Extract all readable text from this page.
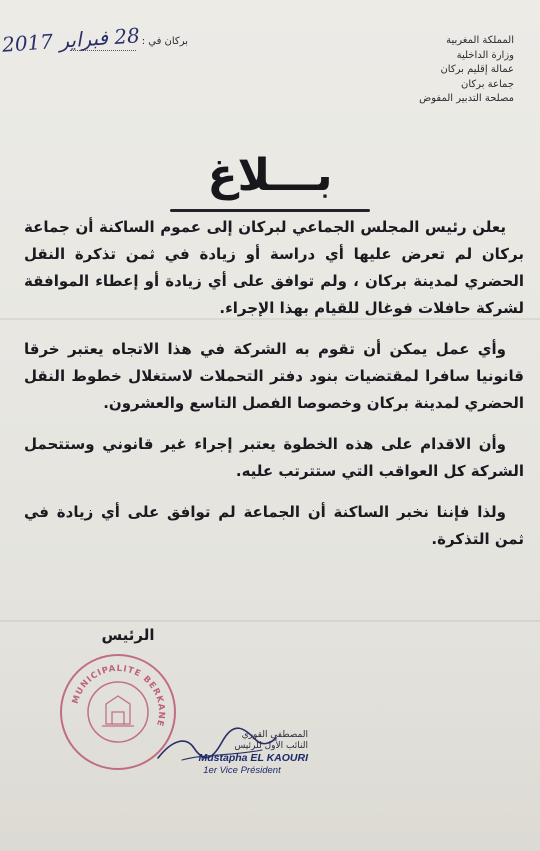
المملكة المغربية
وزارة الداخلية
عمالة إقليم بركان
جماعة بركان
مصلحة التدبير المفوض
بركان في :
28 فبراير 2017
بـــلاغ

يعلن رئيس المجلس الجماعي لبركان إلى عموم الساكنة أن جماعة بركان لم تعرض عليها أي دراسة أو زيادة في ثمن تذكرة النقل الحضري لمدينة بركان ، ولم توافق على أي زيادة أو إعطاء الموافقة لشركة حافلات فوغال للقيام بهذا الإجراء.

وأي عمل يمكن أن تقوم به الشركة في هذا الاتجاه يعتبر خرقا قانونيا سافرا لمقتضيات بنود دفتر التحملات لاستغلال خطوط النقل الحضري لمدينة بركان وخصوصا الفصل التاسع والعشرون.

وأن الاقدام على هذه الخطوة يعتبر إجراء غير قانوني وستتحمل الشركة كل العواقب التي ستترتب عليه.

ولذا فإننا نخبر الساكنة أن الجماعة لم توافق على أي زيادة في ثمن التذكرة.

الرئيس
MUNICIPALITE BERKANE
المصطفى القوري
النائب الأول للرئيس
Mustapha EL KAOURI
1er Vice Président
